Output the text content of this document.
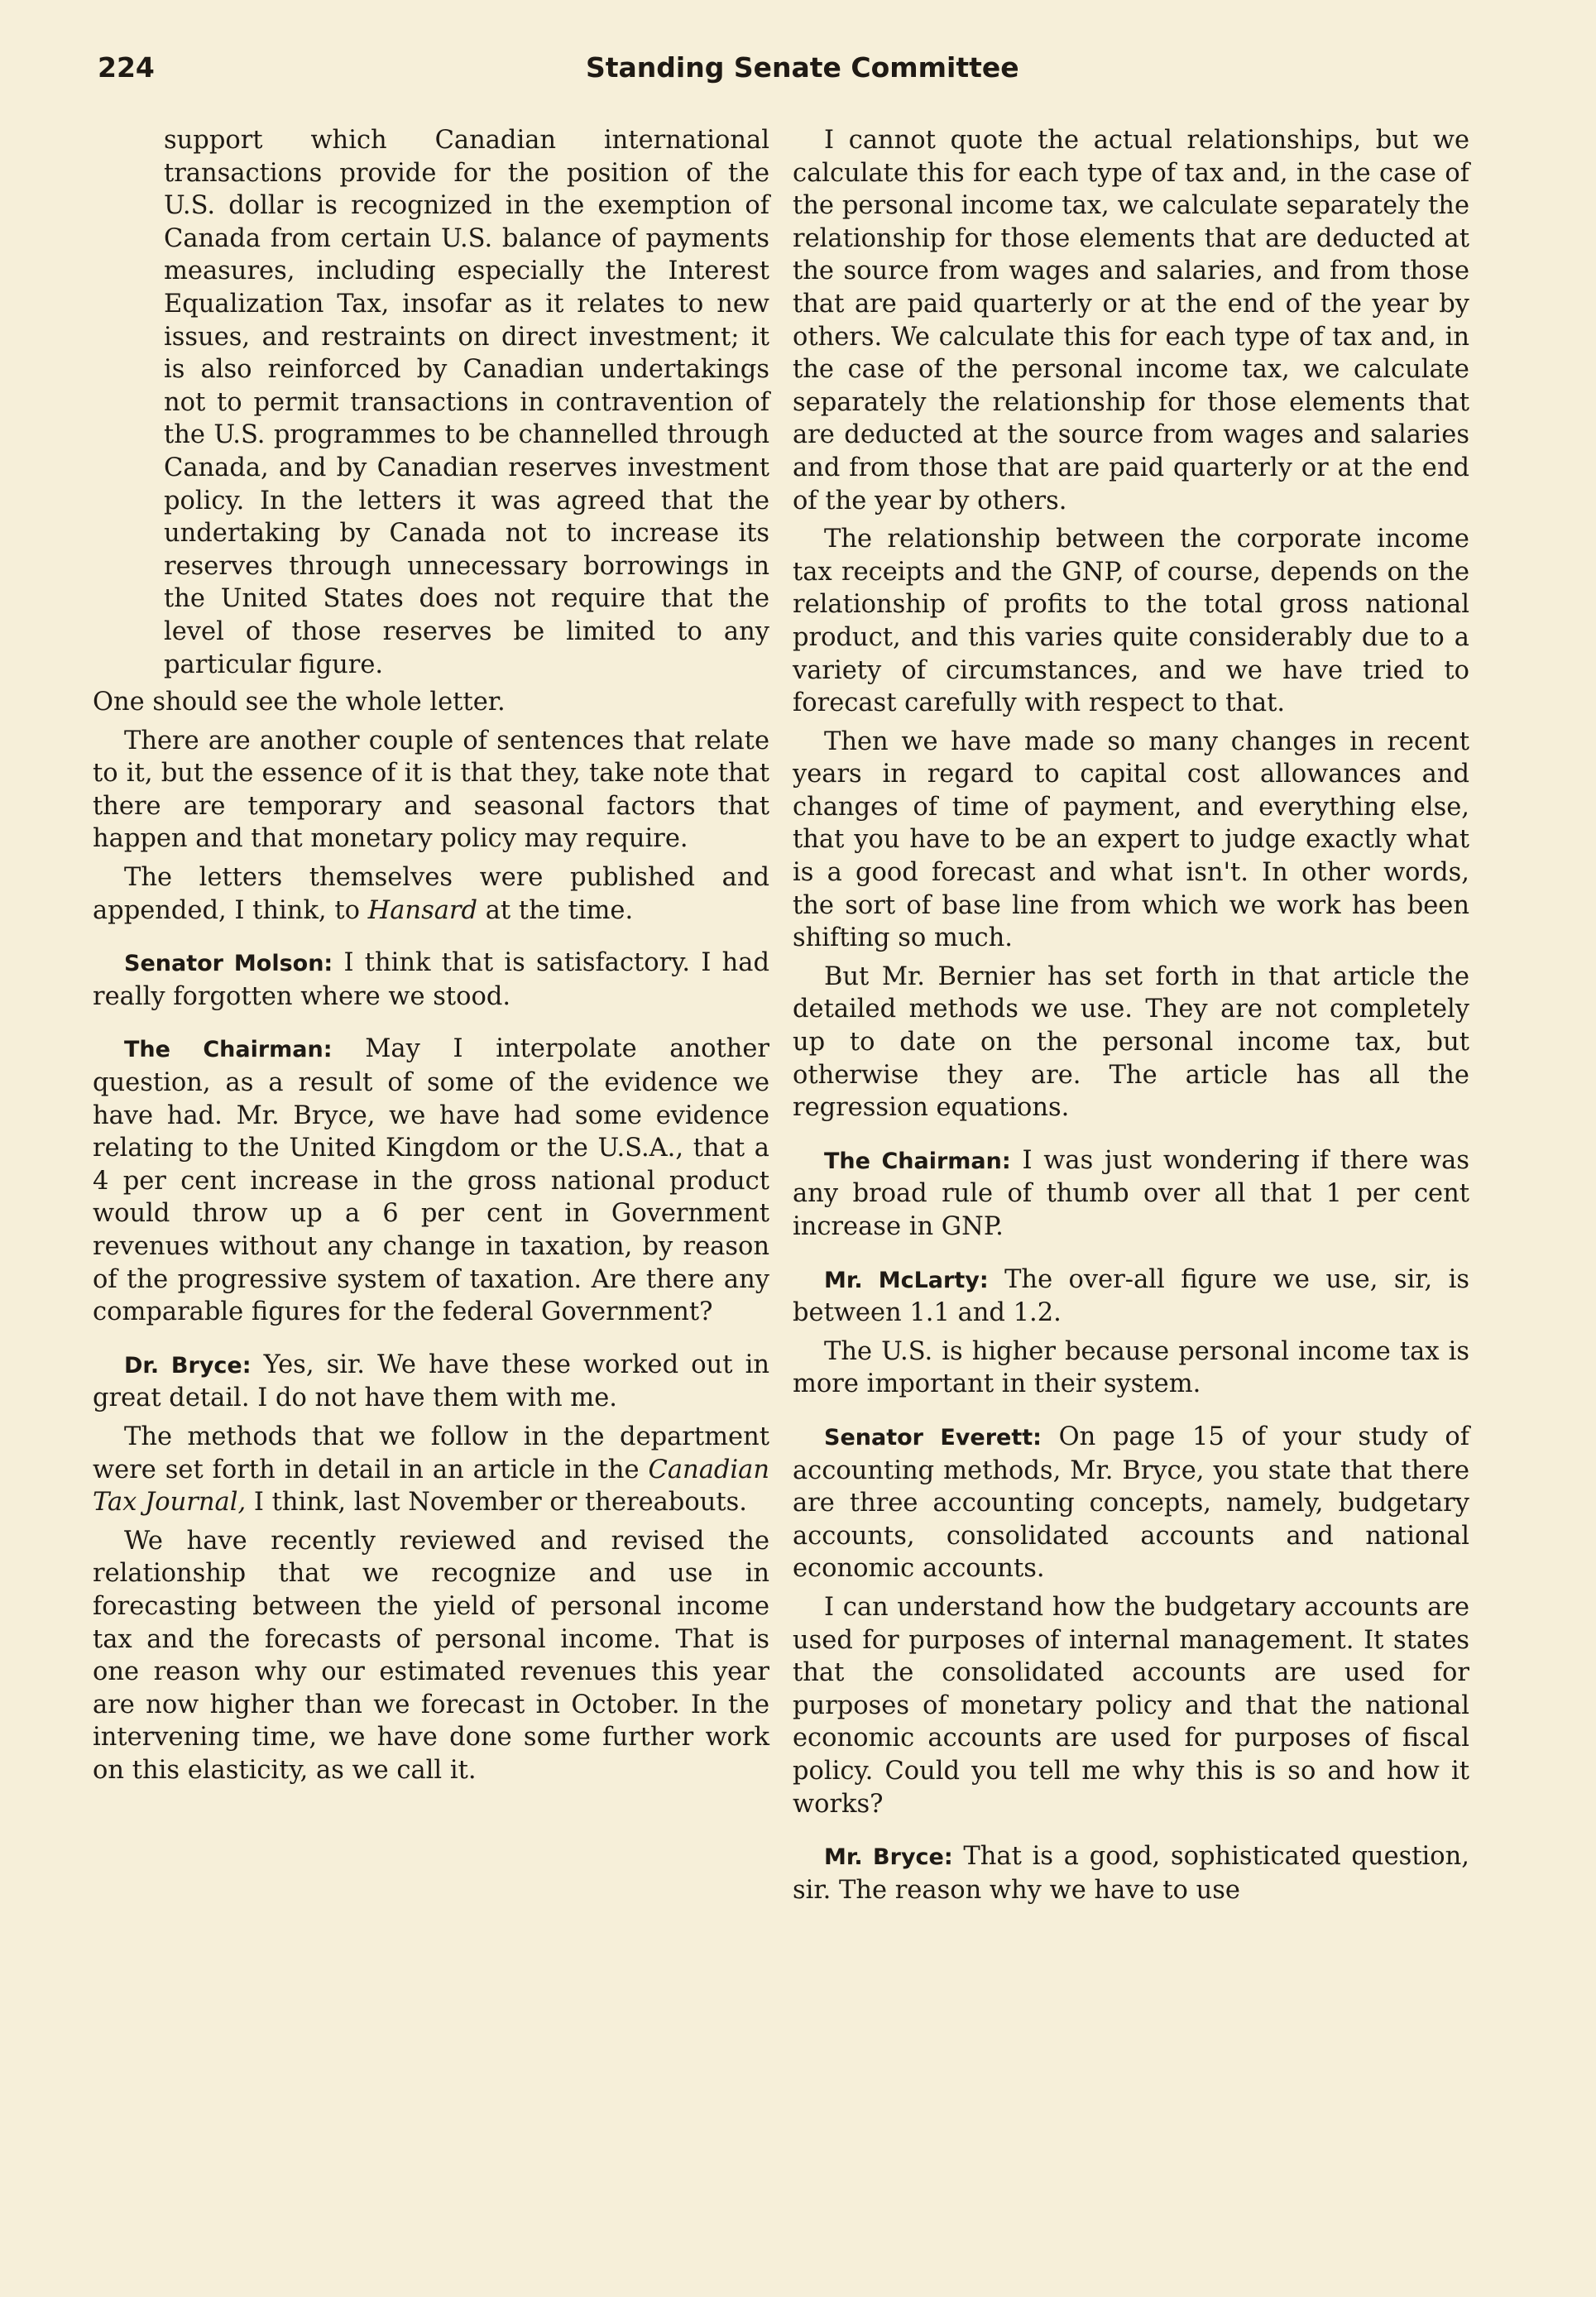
224	Standing Senate Committee

support which Canadian international transactions provide for the position of the U.S. dollar is recognized in the exemption of Canada from certain U.S. balance of payments measures, including especially the Interest Equalization Tax, insofar as it relates to new issues, and restraints on direct investment; it is also reinforced by Canadian undertakings not to permit transactions in contravention of the U.S. programmes to be channelled through Canada, and by Canadian reserves investment policy. In the letters it was agreed that the undertaking by Canada not to increase its reserves through unnecessary borrowings in the United States does not require that the level of those reserves be limited to any particular figure.

One should see the whole letter.

There are another couple of sentences that relate to it, but the essence of it is that they, take note that there are temporary and seasonal factors that happen and that monetary policy may require.

The letters themselves were published and appended, I think, to Hansard at the time.

Senator Molson: I think that is satisfactory. I had really forgotten where we stood.

The Chairman: May I interpolate another question, as a result of some of the evidence we have had. Mr. Bryce, we have had some evidence relating to the United Kingdom or the U.S.A., that a 4 per cent increase in the gross national product would throw up a 6 per cent in Government revenues without any change in taxation, by reason of the progressive system of taxation. Are there any comparable figures for the federal Government?

Dr. Bryce: Yes, sir. We have these worked out in great detail. I do not have them with me.

The methods that we follow in the department were set forth in detail in an article in the Canadian Tax Journal, I think, last November or thereabouts.

We have recently reviewed and revised the relationship that we recognize and use in forecasting between the yield of personal income tax and the forecasts of personal income. That is one reason why our estimated revenues this year are now higher than we forecast in October. In the intervening time, we have done some further work on this elasticity, as we call it.

I cannot quote the actual relationships, but we calculate this for each type of tax and, in the case of the personal income tax, we calculate separately the relationship for those elements that are deducted at the source from wages and salaries, and from those that are paid quarterly or at the end of the year by others. We calculate this for each type of tax and, in the case of the personal income tax, we calculate separately the relationship for those elements that are deducted at the source from wages and salaries and from those that are paid quarterly or at the end of the year by others.

The relationship between the corporate income tax receipts and the GNP, of course, depends on the relationship of profits to the total gross national product, and this varies quite considerably due to a variety of circumstances, and we have tried to forecast carefully with respect to that.

Then we have made so many changes in recent years in regard to capital cost allowances and changes of time of payment, and everything else, that you have to be an expert to judge exactly what is a good forecast and what isn't. In other words, the sort of base line from which we work has been shifting so much.

But Mr. Bernier has set forth in that article the detailed methods we use. They are not completely up to date on the personal income tax, but otherwise they are. The article has all the regression equations.

The Chairman: I was just wondering if there was any broad rule of thumb over all that 1 per cent increase in GNP.

Mr. McLarty: The over-all figure we use, sir, is between 1.1 and 1.2.

The U.S. is higher because personal income tax is more important in their system.

Senator Everett: On page 15 of your study of accounting methods, Mr. Bryce, you state that there are three accounting concepts, namely, budgetary accounts, consolidated accounts and national economic accounts.

I can understand how the budgetary accounts are used for purposes of internal management. It states that the consolidated accounts are used for purposes of monetary policy and that the national economic accounts are used for purposes of fiscal policy. Could you tell me why this is so and how it works?

Mr. Bryce: That is a good, sophisticated question, sir. The reason why we have to use
